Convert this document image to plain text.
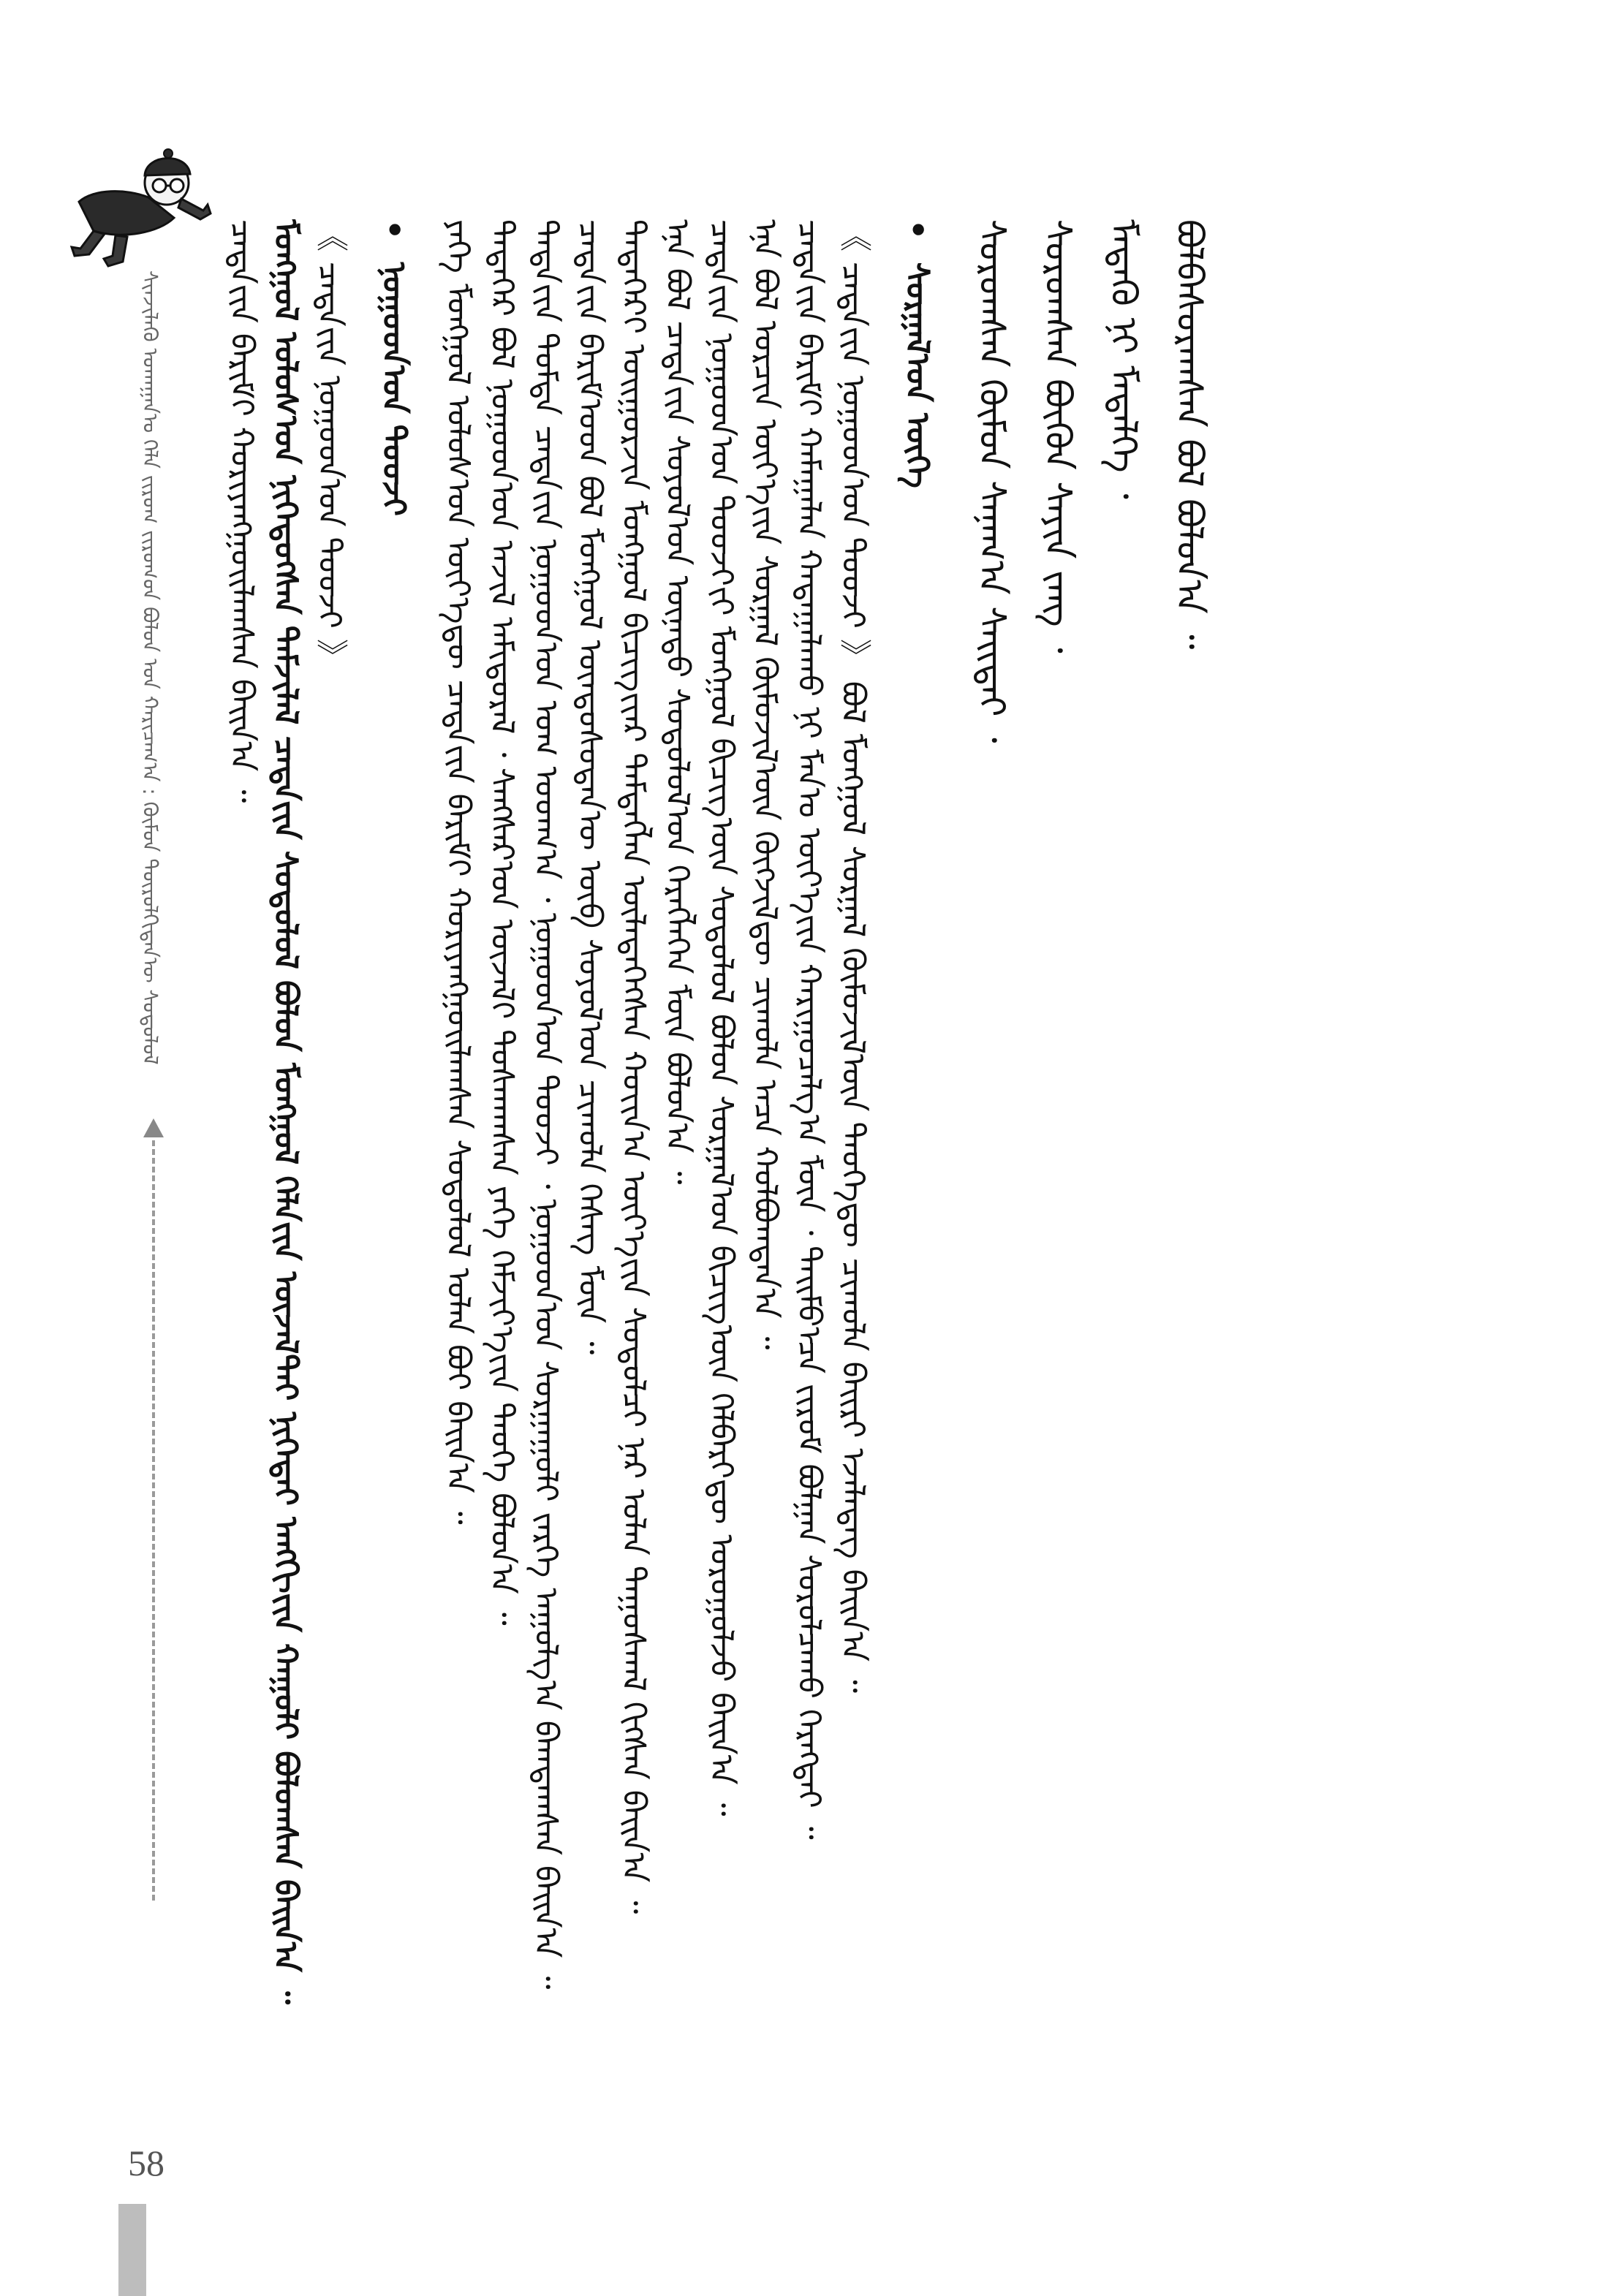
ᠰᠢᠨᠵᠢᠯᠡᠬᠦ ᠤᠬᠠᠭᠠᠨ᠎ᠤ ᠬᠡᠯᠡ ᠵᠢᠷᠤᠭ ᠵᠢᠷᠤᠭ᠎ᠤ᠋ᠨ ᠪᠤᠯᠤᠨ ᠤᠨ ᠬᠠᠷᠢᠴᠠᠭ᠎ᠠ : ᠬᠦᠮᠦᠨ ᠲᠥᠷᠦᠯᠬᠢᠲᠡᠨ᠎ᠦ ᠰᠤᠳᠤᠯᠤᠯ ᠴᠠᠲᠠ᠎ᠶ᠋ᠢᠨ ᠪᠠᠷᠢᠮ᠎ᠢ᠋ ᠬᠤᠷᠢᠶᠠᠩᠭᠤᠢᠯᠠᠭᠰᠠᠨ ᠪᠠᠢᠨ᠎ᠠ ᠃ ᠮᠣᠩᠭᠣᠯ ᠤᠯᠤᠰ᠎ᠤᠨ ᠨᠢᠭᠡᠳᠦᠭᠰᠡᠨ ᠳᠠᠮᠵᠢᠯᠠᠯ ᠴᠠᠲᠠ᠎ᠶ᠋ᠢᠨ ᠰᠤᠳᠤᠯᠤᠯ ᠪᠣᠯᠣᠨ ᠮᠣᠩᠭᠣᠯ ᠬᠡᠯᠡ᠎ᠶ᠋ᠢᠨ ᠦᠵᠡᠯ᠎ᠲᠡᠢ ᠨᠢᠭᠡᠲᠡᠢ ᠠᠩᠭᠢ᠎ᠶ᠋ᠢᠨ ᠬᠠᠭᠤᠯᠢ ᠪᠣᠯᠤᠭᠰᠠᠨ ᠪᠠᠢᠨ᠎ᠠ ᠃ 《 ᠴᠠᠲᠠ᠎ᠶ᠋ᠢᠨ ᠨᠤᠭᠤᠳ᠎ᠤᠨ ᠲᠤᠤᠵᠢ 》 •  ᠨᠤᠭᠤᠳ᠎ᠤᠨ ᠲᠤᠤᠵᠢ ᠶᠡᠬᠡ ᠮᠣᠩᠭᠣᠯ ᠤᠯᠤᠰ᠎ᠤᠨ ᠦᠶ᠎ᠡ᠎ᠳᠦ ᠴᠠᠲᠠ᠎ᠶ᠋ᠢᠨ ᠪᠠᠷᠢᠮ᠎ᠢ᠋ ᠬᠤᠷᠢᠶᠠᠩᠭᠤᠢᠯᠠᠭᠰᠠᠨ ᠰᠤᠳᠤᠯᠤᠯ ᠤᠯᠠᠨ ᠪᠤᠢ ᠪᠠᠢᠨ᠎ᠠ ᠃ ᠲᠡᠳᠡᠭᠡᠷ ᠪᠣᠯ ᠨᠤᠭᠤᠳ᠎ᠤᠨ ᠠᠵᠢᠯ ᠠᠮᠢᠳᠤᠷᠠᠯ ᠂ ᠰᠠᠩᠰᠠᠷ᠎ᠤᠨ ᠦᠵᠡᠯ᠎ᠢ᠋ ᠲᠤᠰᠬᠠᠭᠰᠠᠨ ᠶᠡᠬᠡ ᠬᠡᠮᠵᠢᠶ᠎ᠡ᠎ᠶ᠋ᠢᠨ ᠲᠡᠦᠬᠡ ᠪᠣᠯᠤᠨ᠎ᠠ ᠃ ᠲᠡᠳᠡ᠎ᠶ᠋ᠢᠨ ᠳᠤᠮᠳᠠ ᠴᠠᠲᠠ᠎ᠶ᠋ᠢᠨ ᠨᠤᠭᠤᠳ᠎ᠤᠨ ᠤᠭ ᠤᠳᠬ᠎ᠠ ᠂ ᠨᠤᠭᠤᠳ᠎ᠤᠨ ᠲᠤᠤᠵᠢ ᠂ ᠨᠤᠭᠤᠳ᠎ᠤᠨ ᠰᠤᠷᠭᠠᠭᠤᠯᠢ ᠵᠡᠷᠭᠡ ᠠᠭᠤᠯᠭ᠎ᠠ ᠪᠠᠭᠲᠠᠭᠰᠠᠨ ᠪᠠᠢᠨ᠎ᠠ ᠃ ᠴᠠᠲᠠ᠎ᠶ᠋ᠢᠨ ᠪᠠᠷᠢᠮ᠎ᠤᠳ ᠪᠣᠯ ᠮᠣᠩᠭᠣᠯ ᠦᠨᠳᠦᠰᠦᠲᠡᠨ᠎ᠦ ᠦᠪ ᠰᠣᠶᠣᠯ᠎ᠤᠨ ᠴᠢᠬᠤᠯᠠ ᠬᠡᠰᠡᠭ ᠮᠥᠨ ᠃ ᠲᠡᠳᠡᠭᠡᠷ᠎ᠢ᠋ ᠤᠢᠭᠤᠷᠵᠢᠨ ᠮᠣᠩᠭᠣᠯ ᠪᠢᠴᠢᠭ᠌᠎ᠢ᠋ᠶ᠋ᠡᠷ ᠲᠡᠮᠳᠡᠭᠯᠡᠨ ᠦᠯᠡᠳᠡᠭᠡᠭᠰᠡᠨ ᠬᠣᠶ᠋ᠢᠨ᠎ᠠ ᠦᠶ᠎ᠡ᠎ᠶ᠋ᠢᠨ ᠰᠤᠳᠤᠯᠴᠢ ᠨᠠᠷ ᠤᠯᠠᠨ ᠳᠠᠭᠤᠰᠬᠠᠯ ᠬᠢᠭᠰᠡᠨ ᠪᠠᠢᠨ᠎ᠠ ᠃ ᠡᠨᠡ ᠪᠣᠯ ᠴᠠᠲᠠ᠎ᠶ᠋ᠢᠨ ᠰᠣᠶᠣᠯ᠎ᠤᠨ ᠦᠨᠡᠲᠦ ᠰᠤᠳᠤᠯᠤᠯ᠎ᠤᠨ ᠬᠡᠷᠡᠭᠯᠡᠭᠡᠨ ᠮᠥᠨ ᠪᠤᠯᠤᠨ᠎ᠠ ᠃ ᠴᠠᠲᠠ᠎ᠶ᠋ᠢᠨ ᠨᠤᠭᠤᠳ᠎ᠤᠨ ᠲᠤᠤᠵᠢ᠎ᠶ᠋ᠢ ᠮᠣᠩᠭᠣᠯ ᠪᠢᠴᠢᠭ᠌᠎ᠦᠨ ᠰᠤᠳᠤᠯᠤᠯ ᠪᠣᠯᠤᠨ ᠰᠤᠷᠭᠠᠯ᠎ᠤᠨ ᠪᠢᠴᠢᠭ᠌᠎ᠦᠨ ᠬᠡᠯᠪᠡᠷᠢ᠎ᠳᠦ ᠣᠷᠤᠭᠤᠯᠵᠤ ᠪᠠᠢᠨ᠎ᠠ ᠃ ᠡᠨᠡ ᠪᠣᠯ ᠣᠷᠴᠢᠨ ᠦᠶ᠎ᠡ᠎ᠶ᠋ᠢᠨ ᠰᠤᠷᠭᠠᠯ ᠬᠦᠮᠦᠵᠢᠯ᠎ᠦᠨ ᠬᠥᠭᠵᠢᠯ᠎ᠳᠦ ᠴᠢᠬᠤᠯᠠ ᠠᠴᠠ ᠬᠤᠯᠪᠣᠭᠳᠠᠨ᠎ᠠ ᠃ ᠴᠠᠲᠠ᠎ᠶ᠋ᠢᠨ ᠪᠠᠷᠢᠮ᠎ᠢ᠋ ᠬᠠᠮᠠᠭᠠᠯᠠᠨ ᠬᠠᠳᠠᠭᠠᠯᠠᠬᠤ ᠨᠢ ᠮᠠᠨ᠎ᠤ ᠦᠶ᠎ᠡ᠎ᠶ᠋ᠢᠨ ᠬᠠᠷᠢᠭᠤᠴᠠᠯᠭ᠎ᠠ ᠮᠥᠨ ᠂ ᠲᠡᠢᠮᠦ᠎ᠡᠴᠡ ᠵᠢᠷᠤᠮ ᠪᠣᠯᠭᠠᠨ ᠰᠤᠷᠤᠯᠴᠠᠬᠤ ᠬᠡᠷᠡᠭᠲᠡᠢ ᠃ 《 ᠴᠠᠲᠠ᠎ᠶ᠋ᠢᠨ ᠨᠤᠭᠤᠳ᠎ᠤᠨ ᠲᠤᠤᠵᠢ 》 ᠪᠣᠯ ᠮᠣᠩᠭᠣᠯ ᠰᠤᠷᠭᠠᠯ ᠬᠦᠮᠦᠵᠢᠯ᠎ᠦᠨ ᠲᠡᠦᠬᠡ᠎ᠳᠦ ᠴᠢᠬᠤᠯᠠ ᠪᠠᠢᠷᠢ ᠡᠵᠡᠯᠡᠳᠡᠭ ᠪᠠᠢᠨ᠎ᠠ ᠃ •  ᠰᠤᠷᠭᠠᠯ᠎ᠤᠨ ᠦᠭᠡ ᠰᠤᠷᠤᠭᠰᠠᠨ ᠬᠦᠮᠦᠨ ᠰᠠᠨᠠᠭ᠎ᠠ ᠰᠠᠢᠲᠠᠢ ᠂ ᠰᠤᠷᠤᠭᠰᠠᠨ ᠪᠦᠬᠦᠨ ᠰᠠᠶᠢᠨ ᠵᠠᠩ ᠂ ᠮᠡᠳᠡᠬᠦ ᠨᠢ ᠮᠡᠳᠡᠯᠭᠡ ᠂ ᠪᠣᠯᠪᠠᠰᠤᠷᠠᠭᠰᠠᠨ ᠪᠣᠯ ᠪᠣᠯᠣᠨ᠎ᠠ ᠃

58
